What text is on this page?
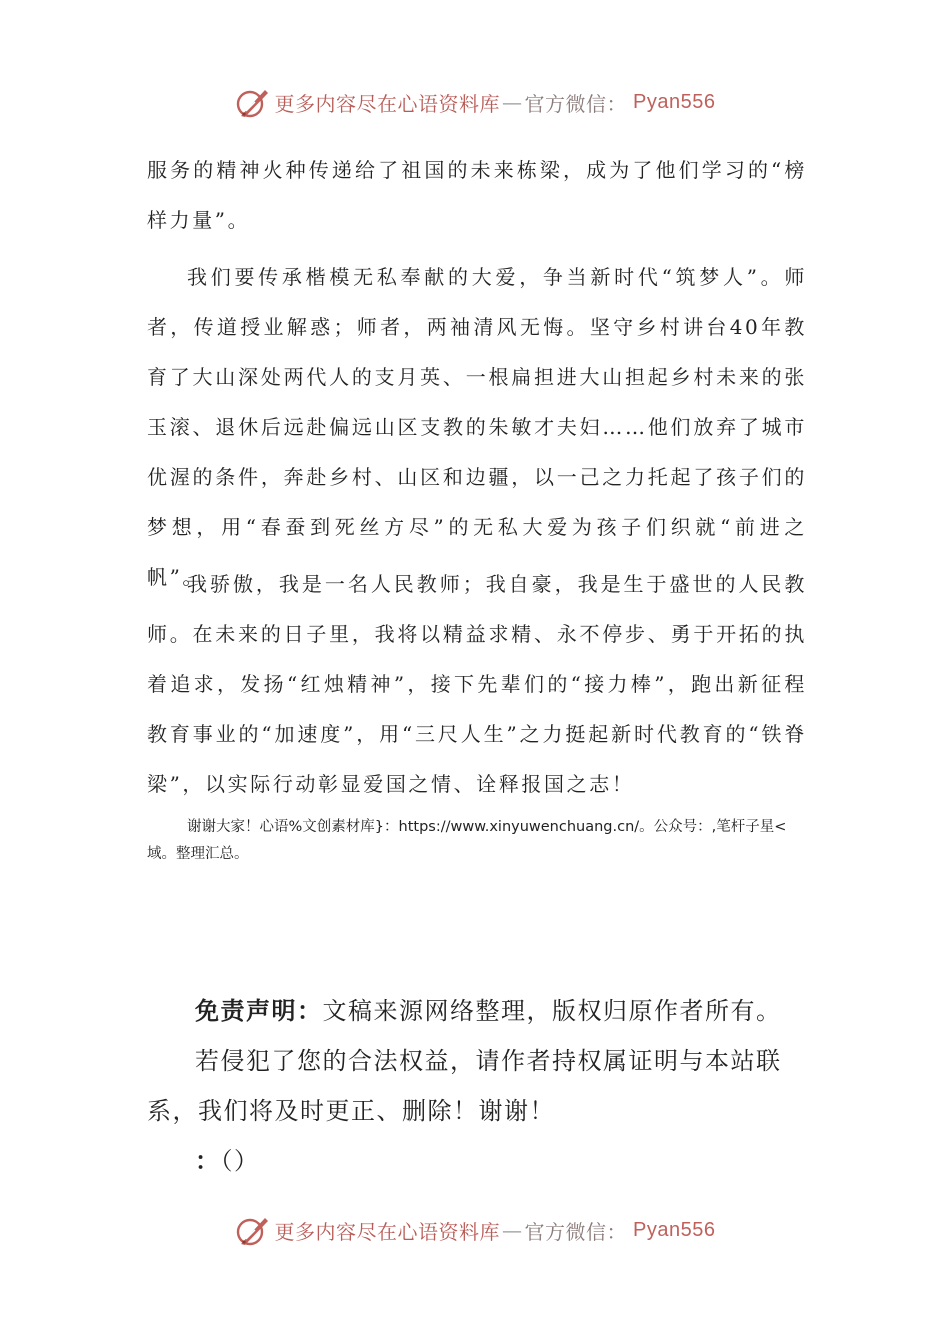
更多内容尽在心语资料库 — 官方微信： Pyan556

服务的精神火种传递给了祖国的未来栋梁，成为了他们学习的“榜样力量”。

我们要传承楷模无私奉献的大爱，争当新时代“筑梦人”。师者，传道授业解惑；师者，两袖清风无悔。坚守乡村讲台40年教育了大山深处两代人的支月英、一根扁担进大山担起乡村未来的张玉滚、退休后远赴偏远山区支教的朱敏才夫妇……他们放弃了城市优渥的条件，奔赴乡村、山区和边疆，以一己之力托起了孩子们的梦想，用“春蚕到死丝方尽”的无私大爱为孩子们织就“前进之帆”。

我骄傲，我是一名人民教师；我自豪，我是生于盛世的人民教师。在未来的日子里，我将以精益求精、永不停步、勇于开拓的执着追求，发扬“红烛精神”，接下先辈们的“接力棒”，跑出新征程教育事业的“加速度”，用“三尺人生”之力挺起新时代教育的“铁脊梁”，以实际行动彰显爱国之情、诠释报国之志！

谢谢大家！心语%文创素材库}：https://www.xinyuwenchuang.cn/。公众号：,笔杆子星<域。整理汇总。

免责声明：文稿来源网络整理，版权归原作者所有。

若侵犯了您的合法权益，请作者持权属证明与本站联系，我们将及时更正、删除！谢谢！

：（）

更多内容尽在心语资料库 — 官方微信： Pyan556
